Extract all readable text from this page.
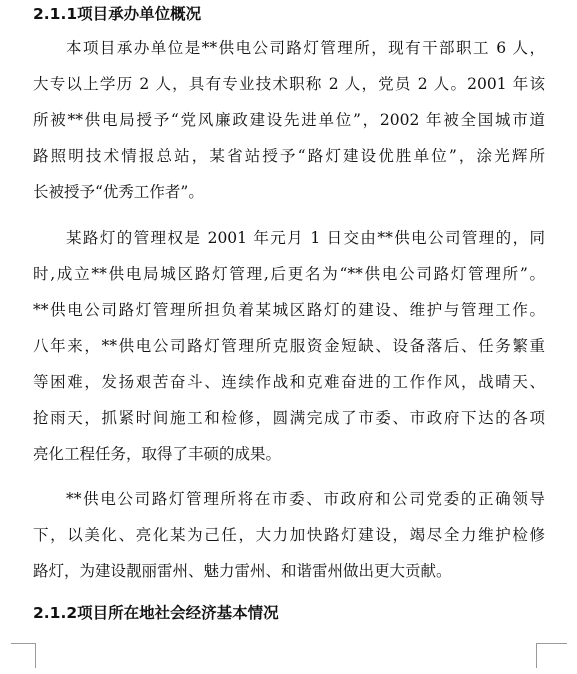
2.1.1项目承办单位概况
本项目承办单位是**供电公司路灯管理所，现有干部职工 6 人，
大专以上学历 2 人，具有专业技术职称 2 人，党员 2 人。2001 年该
所被**供电局授予“党风廉政建设先进单位”，2002 年被全国城市道
路照明技术情报总站，某省站授予“路灯建设优胜单位”，涂光辉所
长被授予“优秀工作者”。
某路灯的管理权是 2001 年元月 1 日交由**供电公司管理的，同
时,成立**供电局城区路灯管理,后更名为“**供电公司路灯管理所”。
**供电公司路灯管理所担负着某城区路灯的建设、维护与管理工作。
八年来，**供电公司路灯管理所克服资金短缺、设备落后、任务繁重
等困难，发扬艰苦奋斗、连续作战和克难奋进的工作作风，战晴天、
抢雨天，抓紧时间施工和检修，圆满完成了市委、市政府下达的各项
亮化工程任务，取得了丰硕的成果。
**供电公司路灯管理所将在市委、市政府和公司党委的正确领导
下，以美化、亮化某为己任，大力加快路灯建设，竭尽全力维护检修
路灯，为建设靓丽雷州、魅力雷州、和谐雷州做出更大贡献。
2.1.2项目所在地社会经济基本情况
